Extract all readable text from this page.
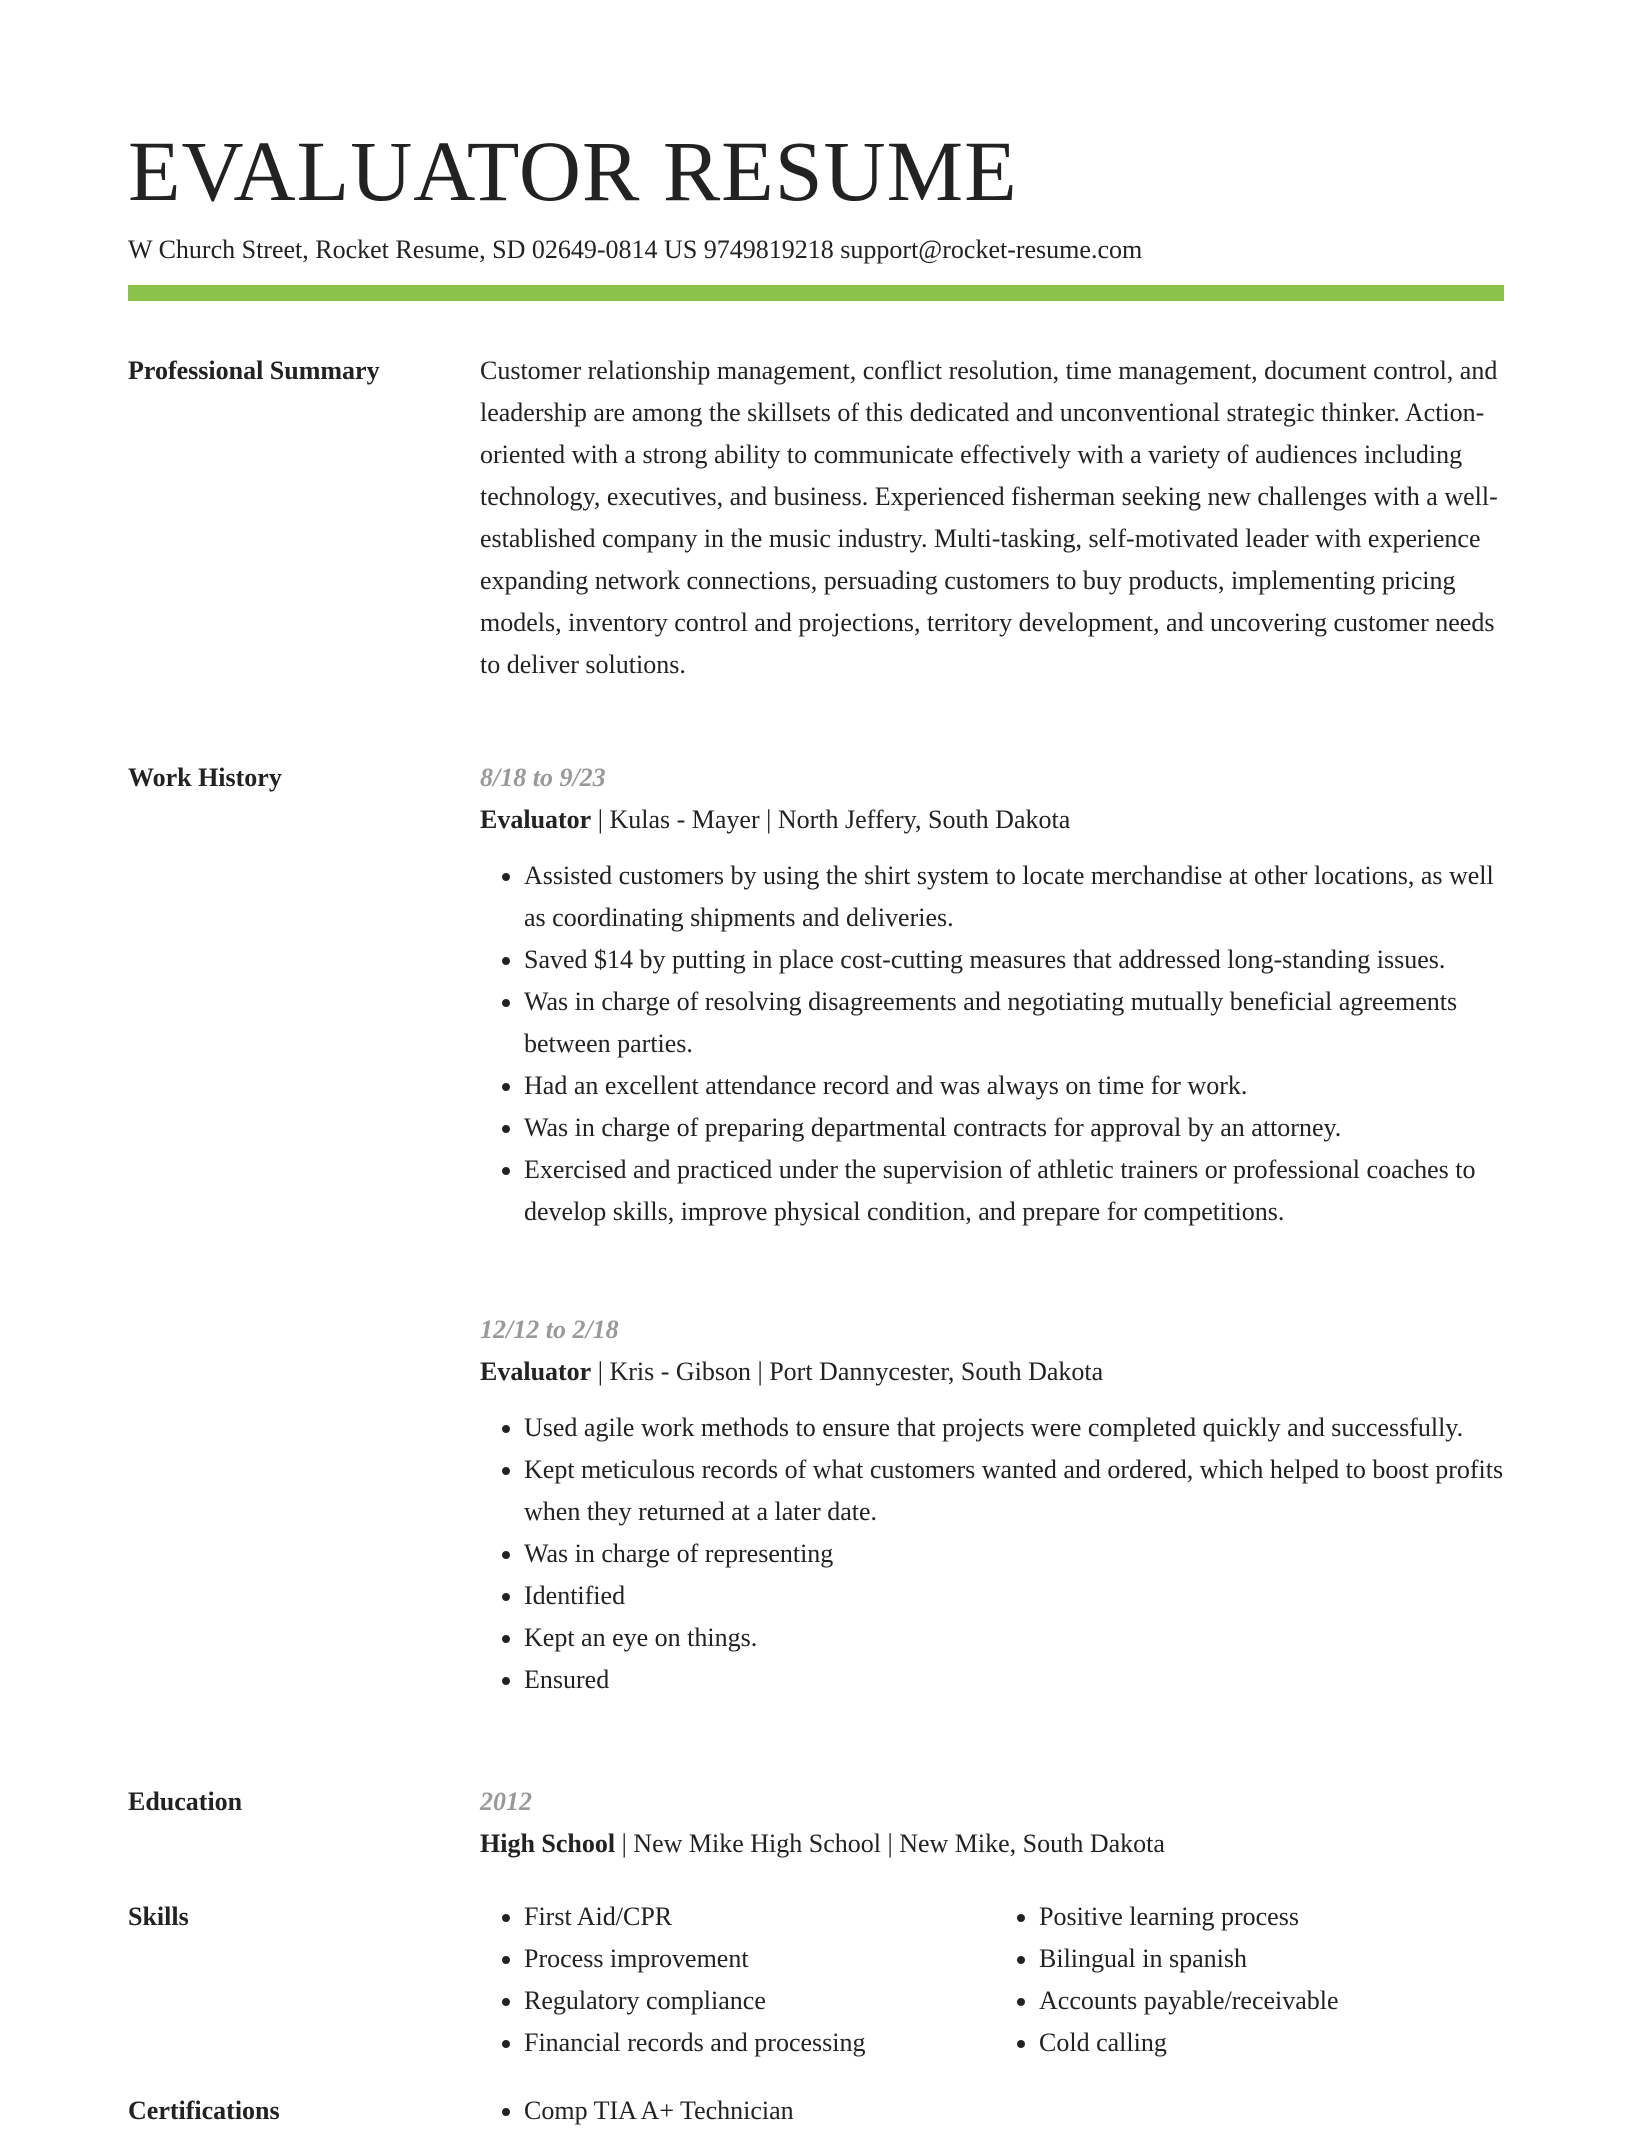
EVALUATOR RESUME
W Church Street, Rocket Resume, SD 02649-0814 US 9749819218 support@rocket-resume.com
Professional Summary	Customer relationship management, conflict resolution, time management, document control, and leadership are among the skillsets of this dedicated and unconventional strategic thinker. Action-oriented with a strong ability to communicate effectively with a variety of audiences including technology, executives, and business. Experienced fisherman seeking new challenges with a well-established company in the music industry. Multi-tasking, self-motivated leader with experience expanding network connections, persuading customers to buy products, implementing pricing models, inventory control and projections, territory development, and uncovering customer needs to deliver solutions.

Work History	8/18 to 9/23
Evaluator | Kulas - Mayer | North Jeffery, South Dakota
• Assisted customers by using the shirt system to locate merchandise at other locations, as well as coordinating shipments and deliveries.
• Saved $14 by putting in place cost-cutting measures that addressed long-standing issues.
• Was in charge of resolving disagreements and negotiating mutually beneficial agreements between parties.
• Had an excellent attendance record and was always on time for work.
• Was in charge of preparing departmental contracts for approval by an attorney.
• Exercised and practiced under the supervision of athletic trainers or professional coaches to develop skills, improve physical condition, and prepare for competitions.
12/12 to 2/18
Evaluator | Kris - Gibson | Port Dannycester, South Dakota
• Used agile work methods to ensure that projects were completed quickly and successfully.
• Kept meticulous records of what customers wanted and ordered, which helped to boost profits when they returned at a later date.
• Was in charge of representing
• Identified
• Kept an eye on things.
• Ensured
Education	2012
High School | New Mike High School | New Mike, South Dakota
Skills	• First Aid/CPR
• Process improvement
• Regulatory compliance
• Financial records and processing
• Positive learning process
• Bilingual in spanish
• Accounts payable/receivable
• Cold calling
Certifications	• Comp TIA A+ Technician
